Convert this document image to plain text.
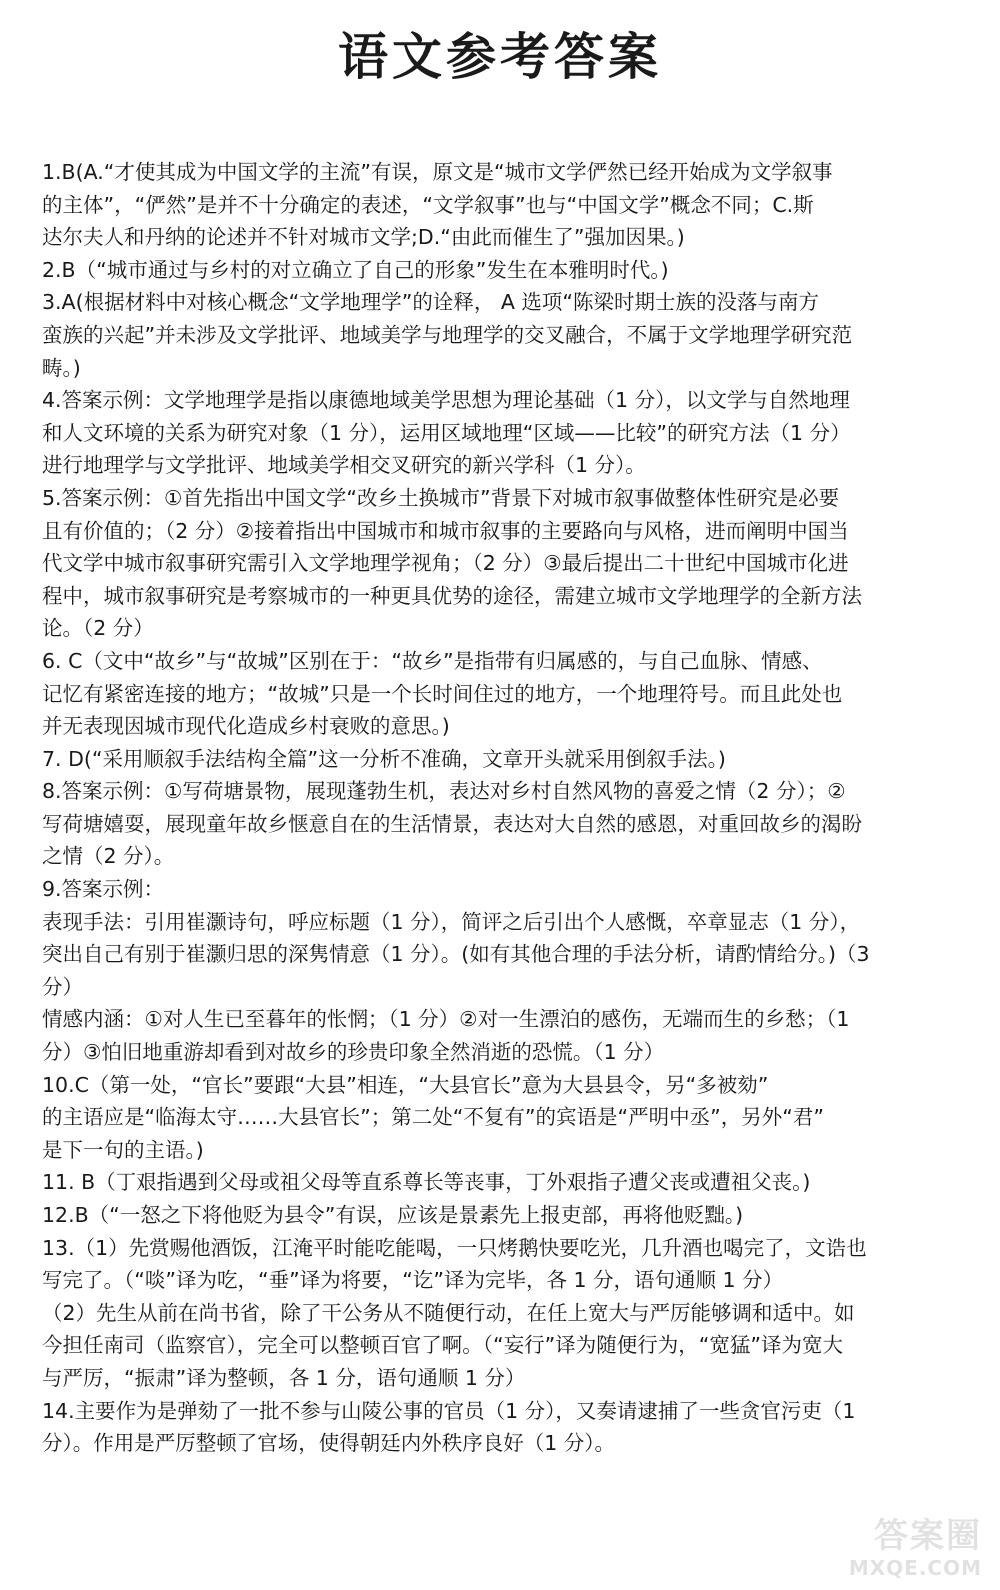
语文参考答案
1.B(A.“才使其成为中国文学的主流”有误，原文是“城市文学俨然已经开始成为文学叙事
的主体”，“俨然”是并不十分确定的表述，“文学叙事”也与“中国文学”概念不同；C.斯
达尔夫人和丹纳的论述并不针对城市文学;D.“由此而催生了”强加因果。)
2.B（“城市通过与乡村的对立确立了自己的形象”发生在本雅明时代。)
3.A(根据材料中对核心概念“文学地理学”的诠释， A 选项“陈梁时期士族的没落与南方
蛮族的兴起”并未涉及文学批评、地域美学与地理学的交叉融合，不属于文学地理学研究范
畴。)
4.答案示例：文学地理学是指以康德地域美学思想为理论基础（1 分），以文学与自然地理
和人文环境的关系为研究对象（1 分），运用区域地理“区域——比较”的研究方法（1 分）
进行地理学与文学批评、地域美学相交叉研究的新兴学科（1 分）。
5.答案示例：①首先指出中国文学“改乡土换城市”背景下对城市叙事做整体性研究是必要
且有价值的；（2 分）②接着指出中国城市和城市叙事的主要路向与风格，进而阐明中国当
代文学中城市叙事研究需引入文学地理学视角；（2 分）③最后提出二十世纪中国城市化进
程中，城市叙事研究是考察城市的一种更具优势的途径，需建立城市文学地理学的全新方法
论。（2 分）
6. C（文中“故乡”与“故城”区别在于：“故乡”是指带有归属感的，与自己血脉、情感、
记忆有紧密连接的地方；“故城”只是一个长时间住过的地方，一个地理符号。而且此处也
并无表现因城市现代化造成乡村衰败的意思。)
7. D(“采用顺叙手法结构全篇”这一分析不准确，文章开头就采用倒叙手法。)
8.答案示例：①写荷塘景物，展现蓬勃生机，表达对乡村自然风物的喜爱之情（2 分）；②
写荷塘嬉耍，展现童年故乡惬意自在的生活情景，表达对大自然的感恩，对重回故乡的渴盼
之情（2 分）。
9.答案示例：
表现手法：引用崔灏诗句，呼应标题（1 分），简评之后引出个人感慨，卒章显志（1 分），
突出自己有别于崔灏归思的深隽情意（1 分）。(如有其他合理的手法分析，请酌情给分。)（3
分）
情感内涵：①对人生已至暮年的怅惘；（1 分）②对一生漂泊的感伤，无端而生的乡愁；（1
分）③怕旧地重游却看到对故乡的珍贵印象全然消逝的恐慌。（1 分）
10.C（第一处，“官长”要跟“大县”相连，“大县官长”意为大县县令，另“多被劾”
的主语应是“临海太守……大县官长”；第二处“不复有”的宾语是“严明中丞”，另外“君”
是下一句的主语。)
11. B（丁艰指遇到父母或祖父母等直系尊长等丧事，丁外艰指子遭父丧或遭祖父丧。)
12.B（“一怒之下将他贬为县令”有误，应该是景素先上报吏部，再将他贬黜。)
13.（1）先赏赐他酒饭，江淹平时能吃能喝，一只烤鹅快要吃光，几升酒也喝完了，文诰也
写完了。（“啖”译为吃，“垂”译为将要，“讫”译为完毕，各 1 分，语句通顺 1 分）
（2）先生从前在尚书省，除了干公务从不随便行动，在任上宽大与严厉能够调和适中。如
今担任南司（监察官），完全可以整顿百官了啊。（“妄行”译为随便行为，“宽猛”译为宽大
与严厉，“振肃”译为整顿，各 1 分，语句通顺 1 分）
14.主要作为是弹劾了一批不参与山陵公事的官员（1 分），又奏请逮捕了一些贪官污吏（1
分）。作用是严厉整顿了官场，使得朝廷内外秩序良好（1 分）。
答案圈
MXQE.COM
